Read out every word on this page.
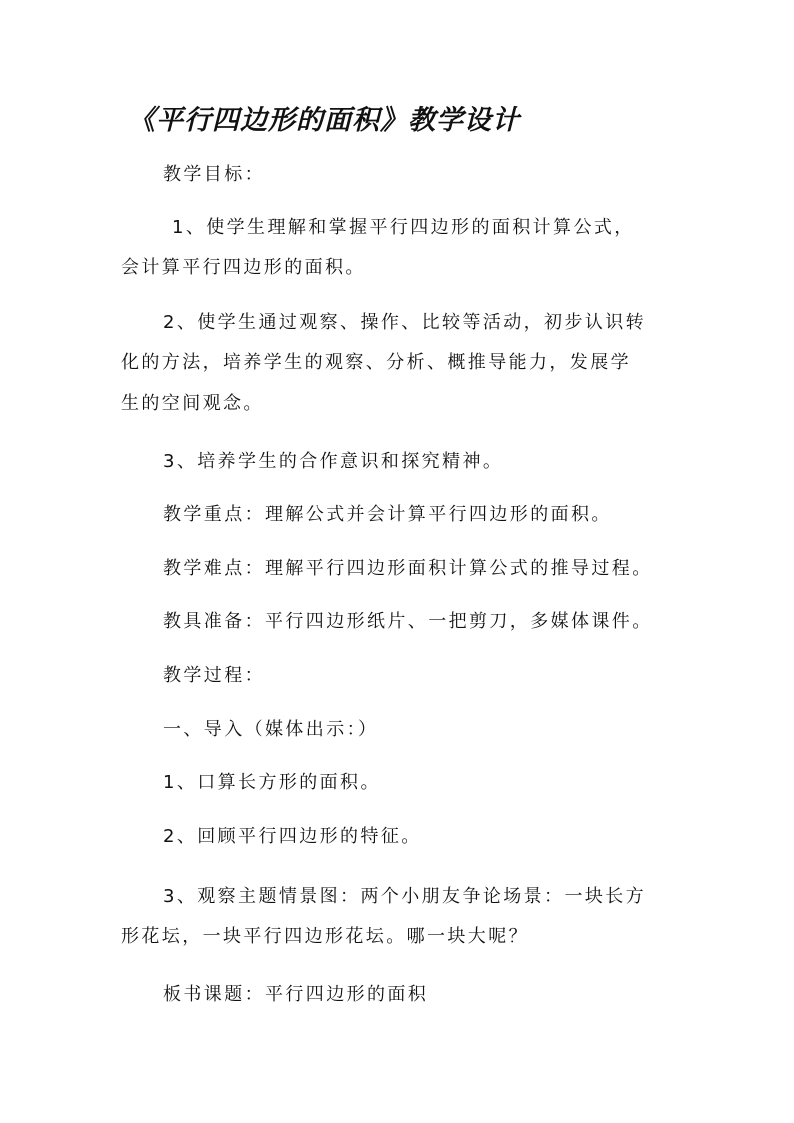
《平行四边形的面积》教学设计
教学目标：
1、使学生理解和掌握平行四边形的面积计算公式，
会计算平行四边形的面积。
2、使学生通过观察、操作、比较等活动，初步认识转
化的方法，培养学生的观察、分析、概推导能力，发展学
生的空间观念。
3、培养学生的合作意识和探究精神。
教学重点：理解公式并会计算平行四边形的面积。
教学难点：理解平行四边形面积计算公式的推导过程。
教具准备：平行四边形纸片、一把剪刀，多媒体课件。
教学过程：
一、导入（媒体出示：）
1、口算长方形的面积。
2、回顾平行四边形的特征。
3、观察主题情景图：两个小朋友争论场景：一块长方
形花坛，一块平行四边形花坛。哪一块大呢？
板书课题：平行四边形的面积
